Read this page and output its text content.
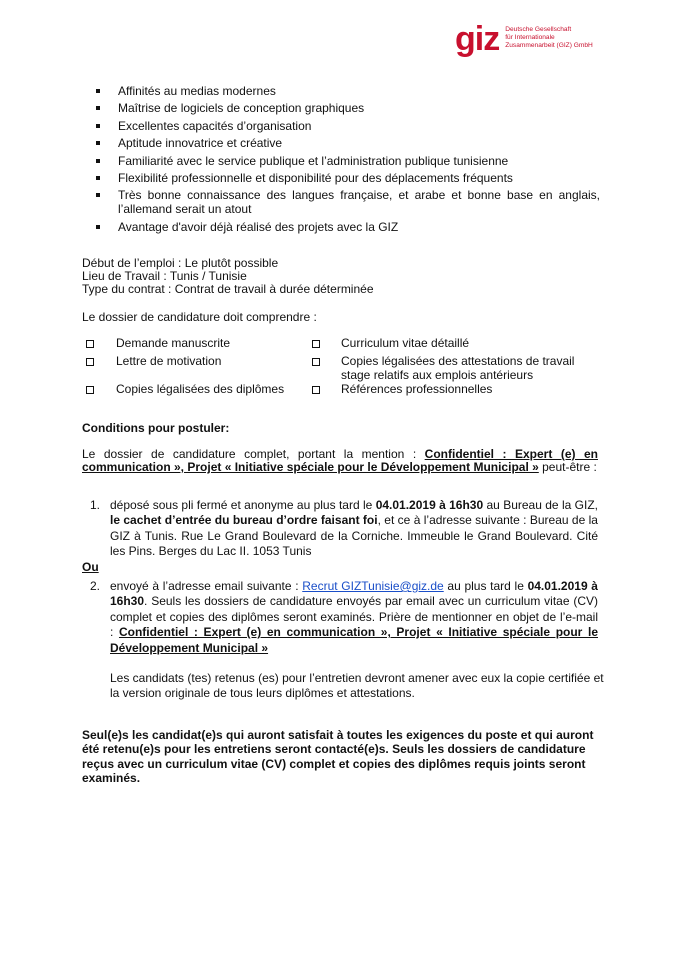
giz Deutsche Gesellschaft
für Internationale
Zusammenarbeit (GIZ) GmbH
Affinités au medias modernes
Maîtrise de logiciels de conception graphiques
Excellentes capacités d’organisation
Aptitude innovatrice et créative
Familiarité avec le service publique et l’administration publique tunisienne
Flexibilité professionnelle et disponibilité pour des déplacements fréquents
Très bonne connaissance des langues française, et arabe et bonne base en anglais, l’allemand serait un atout
Avantage d'avoir déjà réalisé des projets avec la GIZ
Début de l’emploi : Le plutôt possible
Lieu de Travail : Tunis / Tunisie
Type du contrat : Contrat de travail à durée déterminée
Le dossier de candidature doit comprendre :
Demande manuscrite	Curriculum vitae détaillé
Lettre de motivation	Copies légalisées des attestations de travail stage relatifs aux emplois antérieurs
Copies légalisées des diplômes	Références professionnelles
Conditions pour postuler:
Le dossier de candidature complet, portant la mention : Confidentiel : Expert (e) en communication », Projet « Initiative spéciale pour le Développement Municipal » peut-être :
1. déposé sous pli fermé et anonyme au plus tard le 04.01.2019 à 16h30 au Bureau de la GIZ, le cachet d’entrée du bureau d’ordre faisant foi, et ce à l’adresse suivante : Bureau de la GIZ à Tunis. Rue Le Grand Boulevard de la Corniche. Immeuble le Grand Boulevard. Cité les Pins. Berges du Lac II. 1053 Tunis
Ou
2. envoyé à l’adresse email suivante : Recrut GIZTunisie@giz.de au plus tard le 04.01.2019 à 16h30. Seuls les dossiers de candidature envoyés par email avec un curriculum vitae (CV) complet et copies des diplômes seront examinés. Prière de mentionner en objet de l’e-mail : Confidentiel : Expert (e) en communication », Projet « Initiative spéciale pour le Développement Municipal »
Les candidats (tes) retenus (es) pour l’entretien devront amener avec eux la copie certifiée et
la version originale de tous leurs diplômes et attestations.
Seul(e)s les candidat(e)s qui auront satisfait à toutes les exigences du poste et qui auront été retenu(e)s pour les entretiens seront contacté(e)s. Seuls les dossiers de candidature reçus avec un curriculum vitae (CV) complet et copies des diplômes requis joints seront examinés.
